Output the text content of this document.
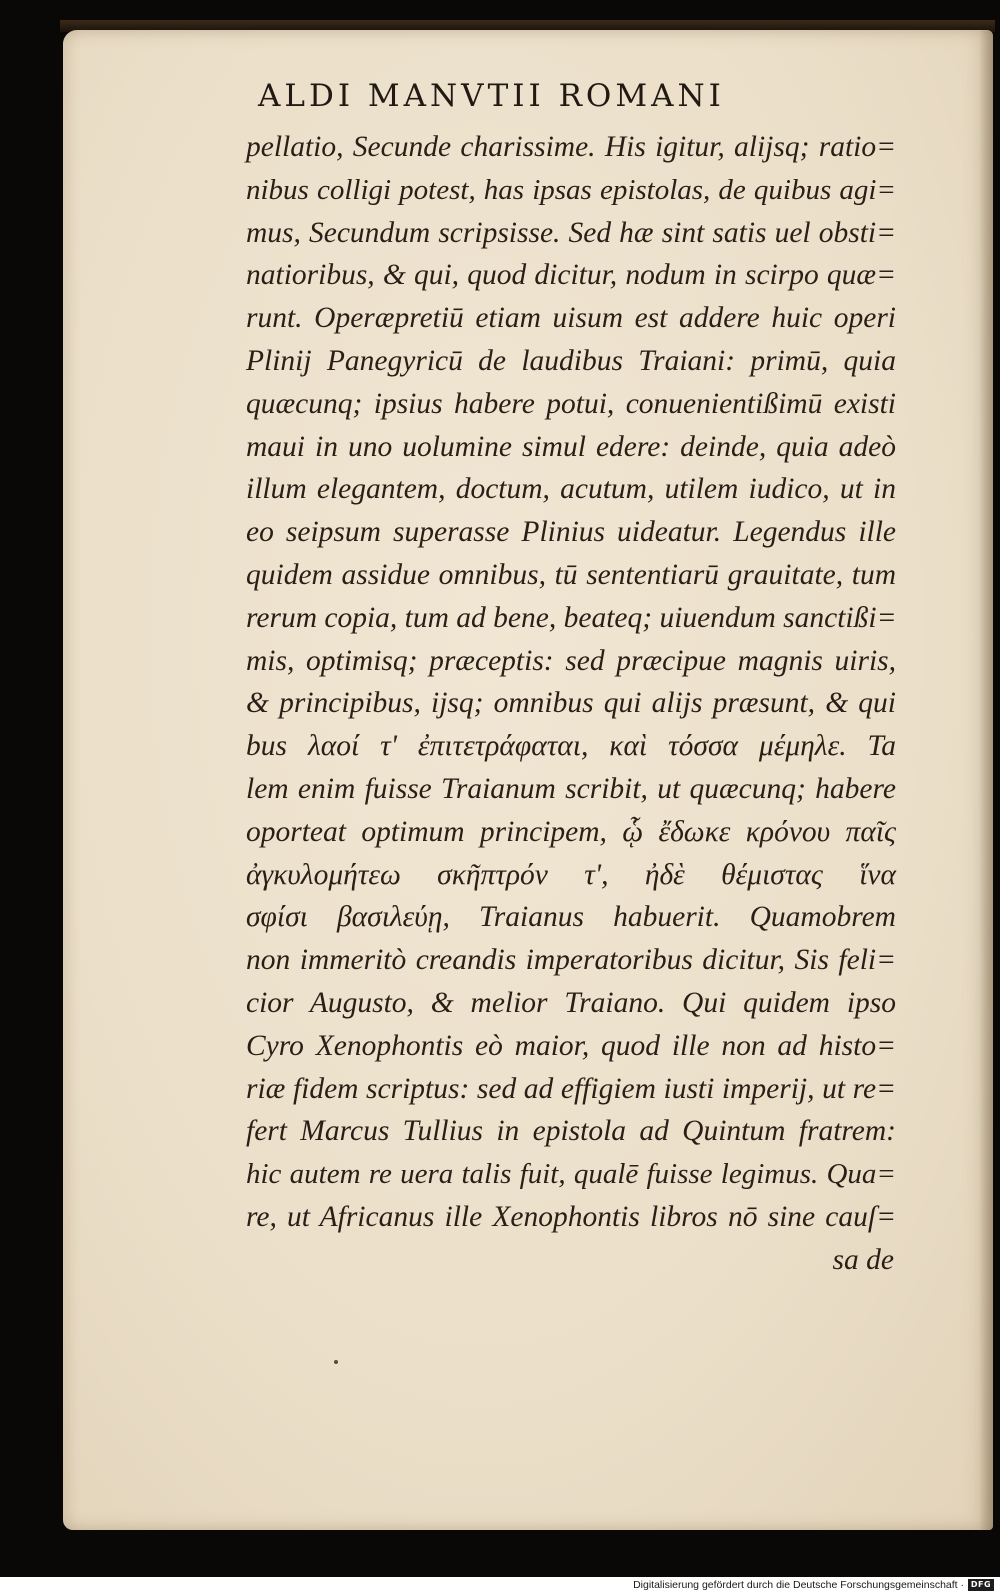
ALDI MANVTII ROMANI
pellatio, Secunde charissime. His igitur, alijsq; ratio=
nibus colligi potest, has ipsas epistolas, de quibus agi=
mus, Secundum scripsisse. Sed hæ sint satis uel obsti=
natioribus, & qui, quod dicitur, nodum in scirpo quæ=
runt. Operæpretiū etiam uisum est addere huic operi
Plinij Panegyricū de laudibus Traiani: primū, quia
quæcunq; ipsius habere potui, conuenientißimū existi
maui in uno uolumine simul edere: deinde, quia adeò
illum elegantem, doctum, acutum, utilem iudico, ut in
eo seipsum superasse Plinius uideatur. Legendus ille
quidem assidue omnibus, tū sententiarū grauitate, tum
rerum copia, tum ad bene, beateq; uiuendum sanctißi=
mis, optimisq; præceptis: sed præcipue magnis uiris,
& principibus, ijsq; omnibus qui alijs præsunt, & qui
bus λαοί τ' ἐπιτετράφαται, καὶ τόσσα μέμηλε. Ta
lem enim fuisse Traianum scribit, ut quæcunq; habere
oporteat optimum principem, ᾧ ἔδωκε κρόνου παῖς
ἀγκυλομήτεω σκῆπτρόν τ', ἠδὲ θέμιστας ἵνα
σφίσι βασιλεύῃ, Traianus habuerit. Quamobrem
non immeritò creandis imperatoribus dicitur, Sis feli=
cior Augusto, & melior Traiano. Qui quidem ipso
Cyro Xenophontis eò maior, quod ille non ad histo=
riæ fidem scriptus: sed ad effigiem iusti imperij, ut re=
fert Marcus Tullius in epistola ad Quintum fratrem:
hic autem re uera talis fuit, qualē fuisse legimus. Qua=
re, ut Africanus ille Xenophontis libros nō sine cauſ=
sa de
Digitalisierung gefördert durch die Deutsche Forschungsgemeinschaft · DFG
